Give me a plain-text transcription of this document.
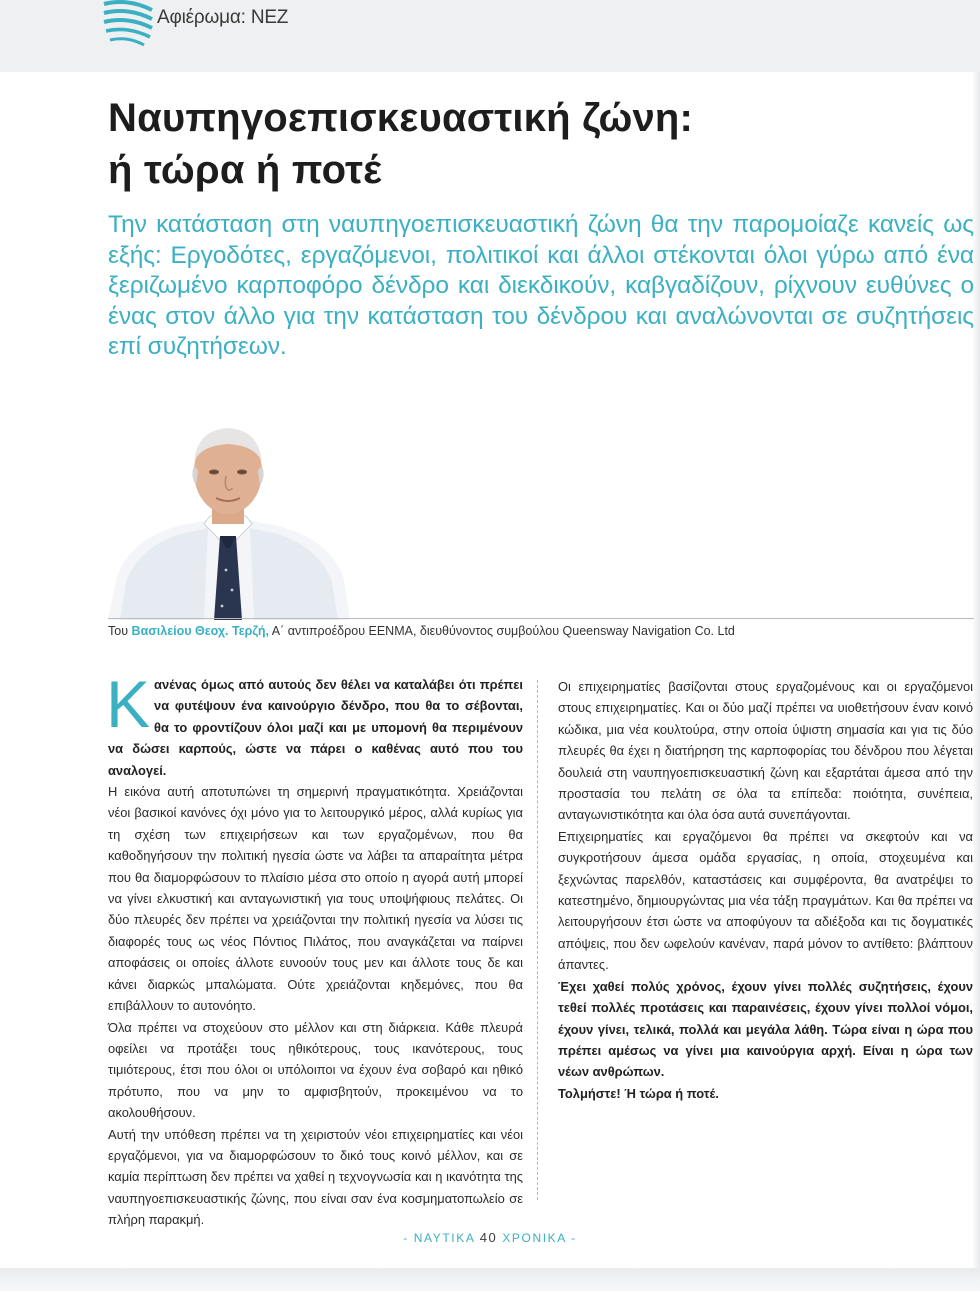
Αφιέρωμα: ΝΕΖ
Ναυπηγοεπισκευαστική ζώνη:
ή τώρα ή ποτέ

Την κατάσταση στη ναυπηγοεπισκευαστική ζώνη θα την παρομοίαζε κανείς ως εξής: Εργοδότες, εργαζόμενοι, πολιτικοί και άλλοι στέκονται όλοι γύρω από ένα ξεριζωμένο καρποφόρο δένδρο και διεκδικούν, καβγαδίζουν, ρίχνουν ευθύνες ο ένας στον άλλο για την κατάσταση του δένδρου και αναλώνονται σε συζητήσεις επί συζητήσεων.

Του Βασιλείου Θεοχ. Τερζή, Α΄ αντιπροέδρου ΕΕΝΜΑ, διευθύνοντος συμβούλου Queensway Navigation Co. Ltd

Κ ανένας όμως από αυτούς δεν θέλει να καταλάβει ότι πρέπει να φυτέψουν ένα καινούργιο δένδρο, που θα το σέβονται, θα το φροντίζουν όλοι μαζί και με υπομονή θα περιμένουν να δώσει καρπούς, ώστε να πάρει ο καθένας αυτό που του αναλογεί.

Η εικόνα αυτή αποτυπώνει τη σημερινή πραγματικότητα. Χρειάζονται νέοι βασικοί κανόνες όχι μόνο για το λειτουργικό μέρος, αλλά κυρίως για τη σχέση των επιχειρήσεων και των εργαζομένων, που θα καθοδηγήσουν την πολιτική ηγεσία ώστε να λάβει τα απαραίτητα μέτρα που θα διαμορφώσουν το πλαίσιο μέσα στο οποίο η αγορά αυτή μπορεί να γίνει ελκυστική και ανταγωνιστική για τους υποψήφιους πελάτες. Οι δύο πλευρές δεν πρέπει να χρειάζονται την πολιτική ηγεσία να λύσει τις διαφορές τους ως νέος Πόντιος Πιλάτος, που αναγκάζεται να παίρνει αποφάσεις οι οποίες άλλοτε ευνοούν τους μεν και άλλοτε τους δε και κάνει διαρκώς μπαλώματα. Ούτε χρειάζονται κηδεμόνες, που θα επιβάλλουν το αυτονόητο.

Όλα πρέπει να στοχεύουν στο μέλλον και στη διάρκεια. Κάθε πλευρά οφείλει να προτάξει τους ηθικότερους, τους ικανότερους, τους τιμιότερους, έτσι που όλοι οι υπόλοιποι να έχουν ένα σοβαρό και ηθικό πρότυπο, που να μην το αμφισβητούν, προκειμένου να το ακολουθήσουν.

Αυτή την υπόθεση πρέπει να τη χειριστούν νέοι επιχειρηματίες και νέοι εργαζόμενοι, για να διαμορφώσουν το δικό τους κοινό μέλλον, και σε καμία περίπτωση δεν πρέπει να χαθεί η τεχνογνωσία και η ικανότητα της ναυπηγοεπισκευαστικής ζώνης, που είναι σαν ένα κοσμηματοπωλείο σε πλήρη παρακμή.

Οι επιχειρηματίες βασίζονται στους εργαζομένους και οι εργαζόμενοι στους επιχειρηματίες. Και οι δύο μαζί πρέπει να υιοθετήσουν έναν κοινό κώδικα, μια νέα κουλτούρα, στην οποία ύψιστη σημασία και για τις δύο πλευρές θα έχει η διατήρηση της καρποφορίας του δένδρου που λέγεται δουλειά στη ναυπηγοεπισκευαστική ζώνη και εξαρτάται άμεσα από την προστασία του πελάτη σε όλα τα επίπεδα: ποιότητα, συνέπεια, ανταγωνιστικότητα και όλα όσα αυτά συνεπάγονται.

Επιχειρηματίες και εργαζόμενοι θα πρέπει να σκεφτούν και να συγκροτήσουν άμεσα ομάδα εργασίας, η οποία, στοχευμένα και ξεχνώντας παρελθόν, καταστάσεις και συμφέροντα, θα ανατρέψει το κατεστημένο, δημιουργώντας μια νέα τάξη πραγμάτων. Και θα πρέπει να λειτουργήσουν έτσι ώστε να αποφύγουν τα αδιέξοδα και τις δογματικές απόψεις, που δεν ωφελούν κανέναν, παρά μόνον το αντίθετο: βλάπτουν άπαντες.

Έχει χαθεί πολύς χρόνος, έχουν γίνει πολλές συζητήσεις, έχουν τεθεί πολλές προτάσεις και παραινέσεις, έχουν γίνει πολλοί νόμοι, έχουν γίνει, τελικά, πολλά και μεγάλα λάθη. Τώρα είναι η ώρα που πρέπει αμέσως να γίνει μια καινούργια αρχή. Είναι η ώρα των νέων ανθρώπων.

Τολμήστε! Ή τώρα ή ποτέ.

- ΝΑΥΤΙΚΑ 40 ΧΡΟΝΙΚΑ -
